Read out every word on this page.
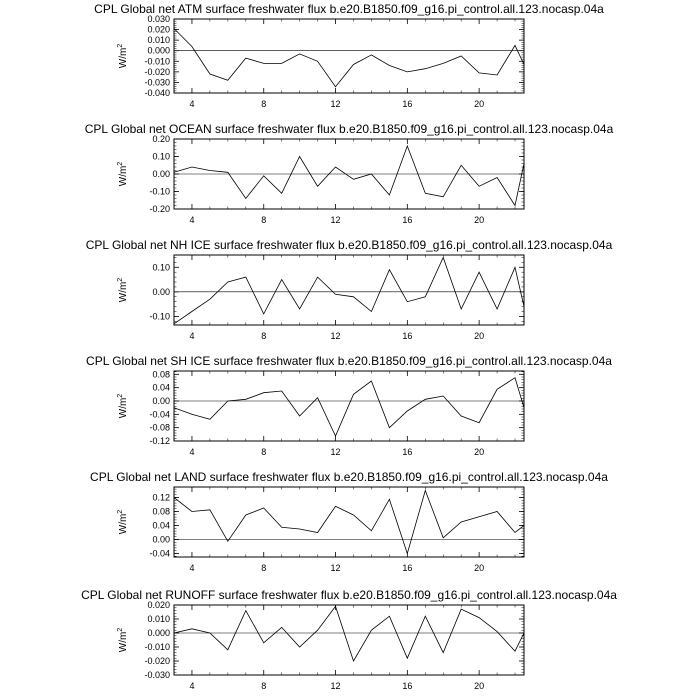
CPL Global net ATM surface freshwater flux b.e20.B1850.f09_g16.pi_control.all.123.nocasp.04a
$W/m^2$
0.030
0.020
0.010
0.000
-0.010
-0.020
-0.030
-0.040
4	8	12	16	20
CPL Global net OCEAN surface freshwater flux b.e20.B1850.f09_g16.pi_control.all.123.nocasp.04a
$W/m^2$
0.20
0.10
0.00
-0.10
-0.20
4	8	12	16	20
CPL Global net NH ICE surface freshwater flux b.e20.B1850.f09_g16.pi_control.all.123.nocasp.04a
$W/m^2$
0.10
0.00
-0.10
4	8	12	16	20
CPL Global net SH ICE surface freshwater flux b.e20.B1850.f09_g16.pi_control.all.123.nocasp.04a
$W/m^2$
0.08
0.04
0.00
-0.04
-0.08
-0.12
4	8	12	16	20
CPL Global net LAND surface freshwater flux b.e20.B1850.f09_g16.pi_control.all.123.nocasp.04a
$W/m^2$
0.12
0.08
0.04
0.00
-0.04
4	8	12	16	20
CPL Global net RUNOFF surface freshwater flux b.e20.B1850.f09_g16.pi_control.all.123.nocasp.04a
$W/m^2$
0.020
0.010
0.000
-0.010
-0.020
-0.030
4	8	12	16	20
